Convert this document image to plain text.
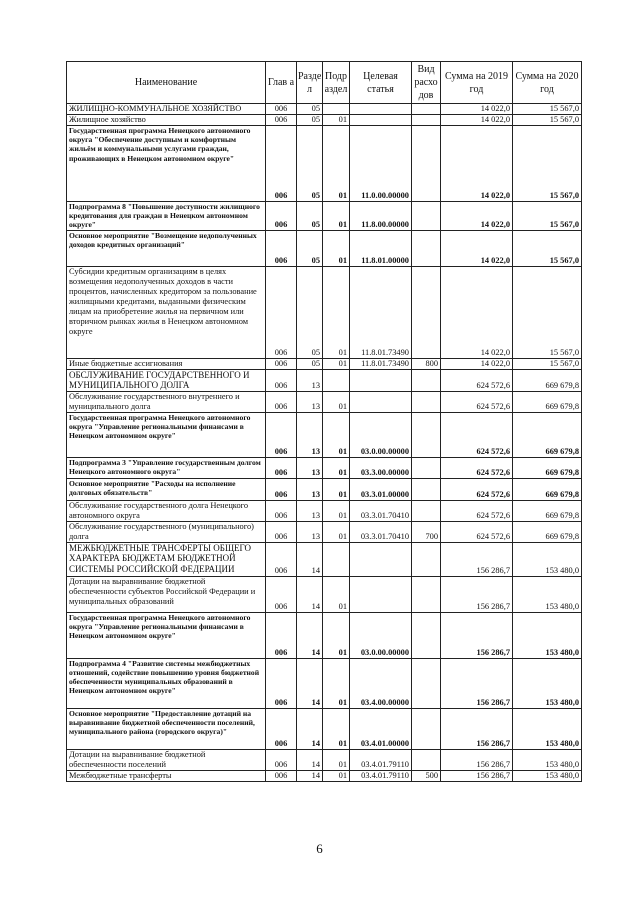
Наименование	Глав а	Разде л	Подр аздел	Целевая статья	Вид расхо дов	Сумма на 2019 год	Сумма на 2020 год
ЖИЛИЩНО-КОММУНАЛЬНОЕ ХОЗЯЙСТВО	006	05				14 022,0	15 567,0
Жилищное хозяйство	006	05	01			14 022,0	15 567,0
Государственная программа Ненецкого автономного округа "Обеспечение доступным и комфортным жильём и коммунальными услугами граждан, проживающих в Ненецком автономном округе"	006	05	01	11.0.00.00000		14 022,0	15 567,0
Подпрограмма 8 "Повышение доступности жилищного кредитования для граждан в Ненецком автономном округе"	006	05	01	11.8.00.00000		14 022,0	15 567,0
Основное мероприятие "Возмещение недополученных доходов кредитных организаций"	006	05	01	11.8.01.00000		14 022,0	15 567,0
Субсидии кредитным организациям в целях возмещения недополученных доходов в части процентов, начисленных кредитором за пользование жилищными кредитами, выданными физическим лицам на приобретение жилья на первичном или вторичном рынках жилья в Ненецком автономном округе	006	05	01	11.8.01.73490		14 022,0	15 567,0
Иные бюджетные ассигнования	006	05	01	11.8.01.73490	800	14 022,0	15 567,0
ОБСЛУЖИВАНИЕ ГОСУДАРСТВЕННОГО И МУНИЦИПАЛЬНОГО ДОЛГА	006	13				624 572,6	669 679,8
Обслуживание государственного внутреннего и муниципального долга	006	13	01			624 572,6	669 679,8
Государственная программа Ненецкого автономного округа "Управление региональными финансами в Ненецком автономном округе"	006	13	01	03.0.00.00000		624 572,6	669 679,8
Подпрограмма 3 "Управление государственным долгом Ненецкого автономного округа"	006	13	01	03.3.00.00000		624 572,6	669 679,8
Основное мероприятие "Расходы на исполнение долговых обязательств"	006	13	01	03.3.01.00000		624 572,6	669 679,8
Обслуживание государственного долга Ненецкого автономного округа	006	13	01	03.3.01.70410		624 572,6	669 679,8
Обслуживание государственного (муниципального) долга	006	13	01	03.3.01.70410	700	624 572,6	669 679,8
МЕЖБЮДЖЕТНЫЕ ТРАНСФЕРТЫ ОБЩЕГО ХАРАКТЕРА БЮДЖЕТАМ БЮДЖЕТНОЙ СИСТЕМЫ РОССИЙСКОЙ ФЕДЕРАЦИИ	006	14				156 286,7	153 480,0
Дотации на выравнивание бюджетной обеспеченности субъектов Российской Федерации и муниципальных образований	006	14	01			156 286,7	153 480,0
Государственная программа Ненецкого автономного округа "Управление региональными финансами в Ненецком автономном округе"	006	14	01	03.0.00.00000		156 286,7	153 480,0
Подпрограмма 4 "Развитие системы межбюджетных отношений, содействие повышению уровня бюджетной обеспеченности муниципальных образований в Ненецком автономном округе"	006	14	01	03.4.00.00000		156 286,7	153 480,0
Основное мероприятие "Предоставление дотаций на выравнивание бюджетной обеспеченности поселений, муниципального района (городского округа)"	006	14	01	03.4.01.00000		156 286,7	153 480,0
Дотации на выравнивание бюджетной обеспеченности поселений	006	14	01	03.4.01.79110		156 286,7	153 480,0
Межбюджетные трансферты	006	14	01	03.4.01.79110	500	156 286,7	153 480,0
6
